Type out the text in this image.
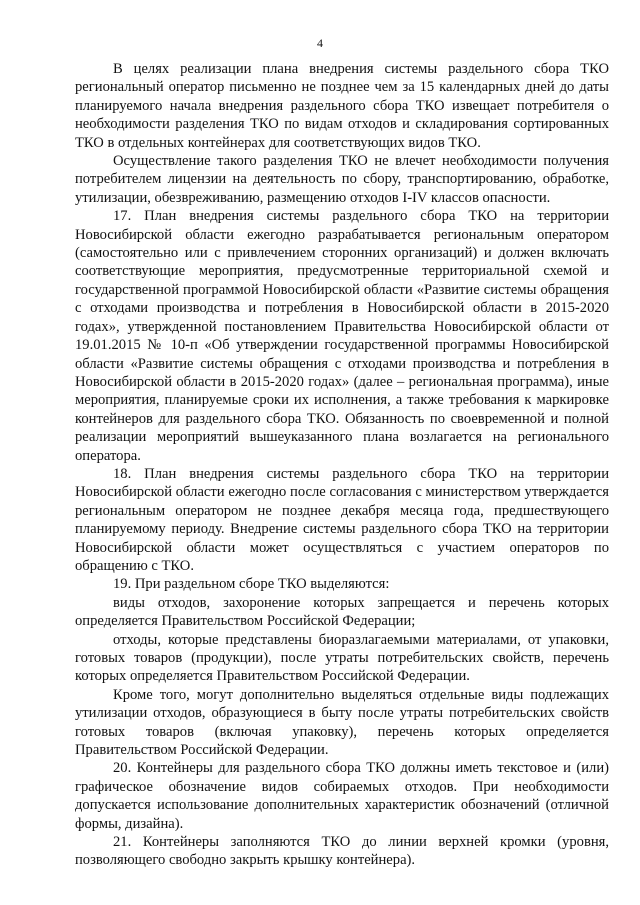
4

В целях реализации плана внедрения системы раздельного сбора ТКО региональный оператор письменно не позднее чем за 15 календарных дней до даты планируемого начала внедрения раздельного сбора ТКО извещает потребителя о необходимости разделения ТКО по видам отходов и складирования сортированных ТКО в отдельных контейнерах для соответствующих видов ТКО.

Осуществление такого разделения ТКО не влечет необходимости получения потребителем лицензии на деятельность по сбору, транспортированию, обработке, утилизации, обезвреживанию, размещению отходов I-IV классов опасности.

17. План внедрения системы раздельного сбора ТКО на территории Новосибирской области ежегодно разрабатывается региональным оператором (самостоятельно или с привлечением сторонних организаций) и должен включать соответствующие мероприятия, предусмотренные территориальной схемой и государственной программой Новосибирской области «Развитие системы обращения с отходами производства и потребления в Новосибирской области в 2015-2020 годах», утвержденной постановлением Правительства Новосибирской области от 19.01.2015 № 10-п «Об утверждении государственной программы Новосибирской области «Развитие системы обращения с отходами производства и потребления в Новосибирской области в 2015-2020 годах» (далее – региональная программа), иные мероприятия, планируемые сроки их исполнения, а также требования к маркировке контейнеров для раздельного сбора ТКО. Обязанность по своевременной и полной реализации мероприятий вышеуказанного плана возлагается на регионального оператора.

18. План внедрения системы раздельного сбора ТКО на территории Новосибирской области ежегодно после согласования с министерством утверждается региональным оператором не позднее декабря месяца года, предшествующего планируемому периоду. Внедрение системы раздельного сбора ТКО на территории Новосибирской области может осуществляться с участием операторов по обращению с ТКО.

19. При раздельном сборе ТКО выделяются:

виды отходов, захоронение которых запрещается и перечень которых определяется Правительством Российской Федерации;

отходы, которые представлены биоразлагаемыми материалами, от упаковки, готовых товаров (продукции), после утраты потребительских свойств, перечень которых определяется Правительством Российской Федерации.

Кроме того, могут дополнительно выделяться отдельные виды подлежащих утилизации отходов, образующиеся в быту после утраты потребительских свойств готовых товаров (включая упаковку), перечень которых определяется Правительством Российской Федерации.

20. Контейнеры для раздельного сбора ТКО должны иметь текстовое и (или) графическое обозначение видов собираемых отходов. При необходимости допускается использование дополнительных характеристик обозначений (отличной формы, дизайна).

21. Контейнеры заполняются ТКО до линии верхней кромки (уровня, позволяющего свободно закрыть крышку контейнера).
